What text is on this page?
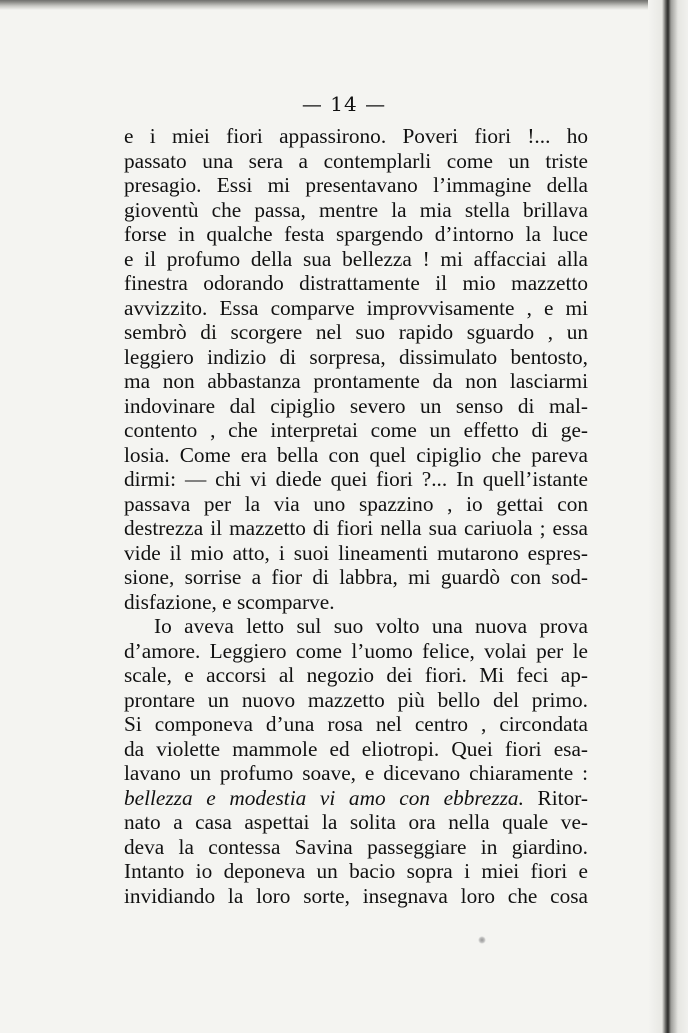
— 14 —
e i miei fiori appassirono. Poveri fiori !... ho
passato una sera a contemplarli come un triste
presagio. Essi mi presentavano l’immagine della
gioventù che passa, mentre la mia stella brillava
forse in qualche festa spargendo d’intorno la luce
e il profumo della sua bellezza ! mi affacciai alla
finestra odorando distrattamente il mio mazzetto
avvizzito. Essa comparve improvvisamente , e mi
sembrò di scorgere nel suo rapido sguardo , un
leggiero indizio di sorpresa, dissimulato bentosto,
ma non abbastanza prontamente da non lasciarmi
indovinare dal cipiglio severo un senso di mal-
contento , che interpretai come un effetto di ge-
losia. Come era bella con quel cipiglio che pareva
dirmi: — chi vi diede quei fiori ?... In quell’istante
passava per la via uno spazzino , io gettai con
destrezza il mazzetto di fiori nella sua cariuola ; essa
vide il mio atto, i suoi lineamenti mutarono espres-
sione, sorrise a fior di labbra, mi guardò con sod-
disfazione, e scomparve.
Io aveva letto sul suo volto una nuova prova
d’amore. Leggiero come l’uomo felice, volai per le
scale, e accorsi al negozio dei fiori. Mi feci ap-
prontare un nuovo mazzetto più bello del primo.
Si componeva d’una rosa nel centro , circondata
da violette mammole ed eliotropi. Quei fiori esa-
lavano un profumo soave, e dicevano chiaramente :
bellezza e modestia vi amo con ebbrezza. Ritor-
nato a casa aspettai la solita ora nella quale ve-
deva la contessa Savina passeggiare in giardino.
Intanto io deponeva un bacio sopra i miei fiori e
invidiando la loro sorte, insegnava loro che cosa
